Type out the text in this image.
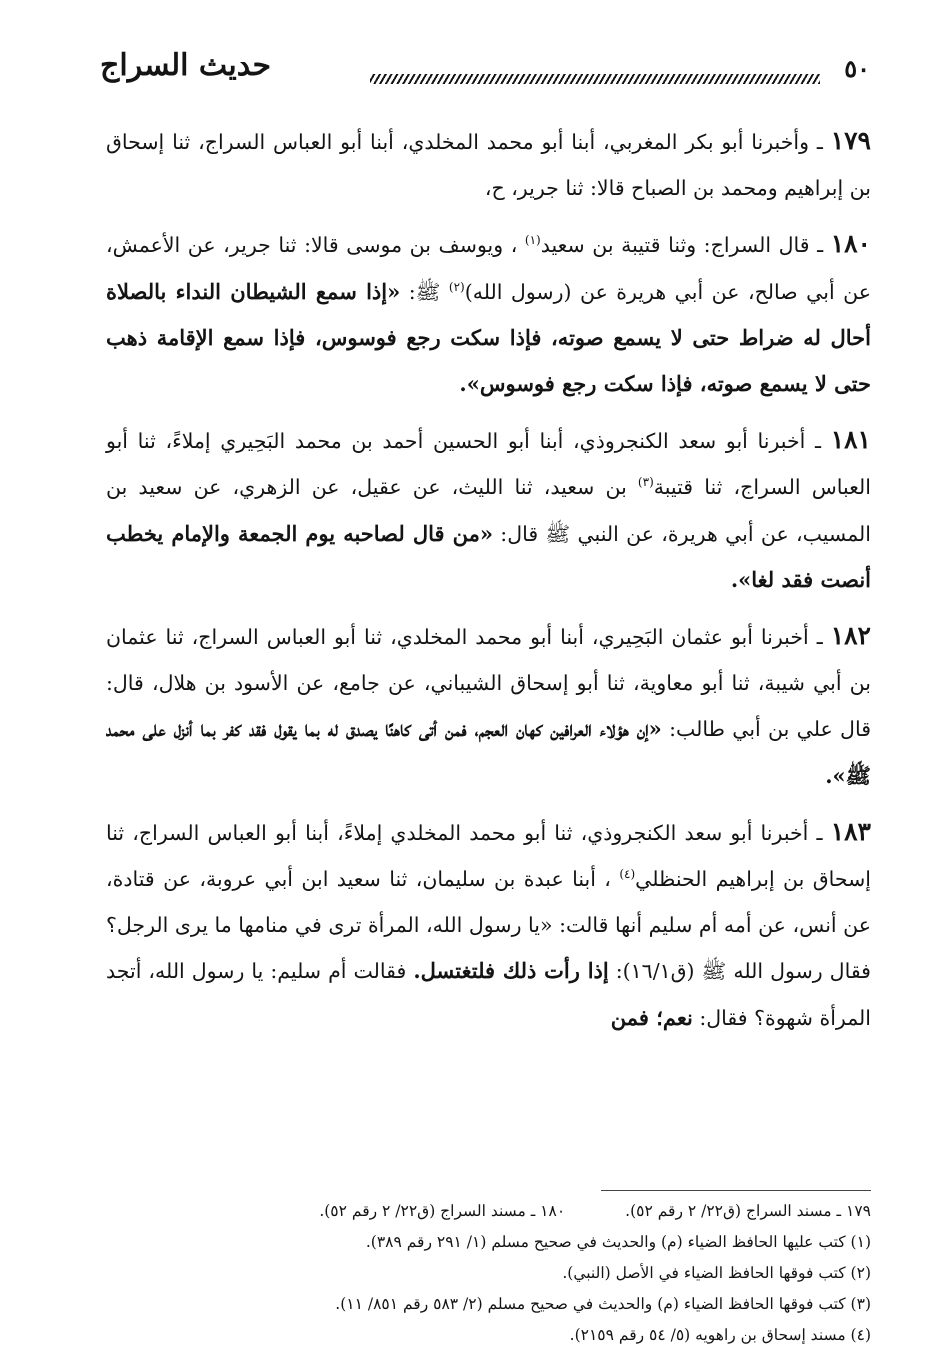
حديث السراج	٥٠

١٧٩ ـ وأخبرنا أبو بكر المغربي، أبنا أبو محمد المخلدي، أبنا أبو العباس السراج، ثنا إسحاق بن إبراهيم ومحمد بن الصباح قالا: ثنا جرير، ح،

١٨٠ ـ قال السراج: وثنا قتيبة بن سعيد$^{(١)}$ ، ويوسف بن موسى قالا: ثنا جرير، عن الأعمش، عن أبي صالح، عن أبي هريرة عن (رسول الله)$^{(٢)}$ ﷺ: «إذا سمع الشيطان النداء بالصلاة أحال له ضراط حتى لا يسمع صوته، فإذا سكت رجع فوسوس، فإذا سمع الإقامة ذهب حتى لا يسمع صوته، فإذا سكت رجع فوسوس».

١٨١ ـ أخبرنا أبو سعد الكنجروذي، أبنا أبو الحسين أحمد بن محمد البَحِيري إملاءً، ثنا أبو العباس السراج، ثنا قتيبة$^{(٣)}$ بن سعيد، ثنا الليث، عن عقيل، عن الزهري، عن سعيد بن المسيب، عن أبي هريرة، عن النبي ﷺ قال: «من قال لصاحبه يوم الجمعة والإمام يخطب أنصت فقد لغا».

١٨٢ ـ أخبرنا أبو عثمان البَحِيري، أبنا أبو محمد المخلدي، ثنا أبو العباس السراج، ثنا عثمان بن أبي شيبة، ثنا أبو معاوية، ثنا أبو إسحاق الشيباني، عن جامع، عن الأسود بن هلال، قال: قال علي بن أبي طالب: «إن هؤلاء العرافين كهان العجم، فمن أتى كاهنًا يصدق له بما يقول فقد كفر بما أنزل على محمد ﷺ».

١٨٣ ـ أخبرنا أبو سعد الكنجروذي، ثنا أبو محمد المخلدي إملاءً، أبنا أبو العباس السراج، ثنا إسحاق بن إبراهيم الحنظلي$^{(٤)}$ ، أبنا عبدة بن سليمان، ثنا سعيد ابن أبي عروبة، عن قتادة، عن أنس، عن أمه أم سليم أنها قالت: «يا رسول الله، المرأة ترى في منامها ما يرى الرجل؟ فقال رسول الله ﷺ (ق١٦/١): إذا رأت ذلك فلتغتسل. فقالت أم سليم: يا رسول الله، أتجد المرأة شهوة؟ فقال: نعم؛ فمن

١٧٩ ـ مسند السراج (ق٢٢/ ٢ رقم ٥٢).١٨٠ ـ مسند السراج (ق٢٢/ ٢ رقم ٥٢).
(١) كتب عليها الحافظ الضياء (م) والحديث في صحيح مسلم (١/ ٢٩١ رقم ٣٨٩).
(٢) كتب فوقها الحافظ الضياء في الأصل (النبي).
(٣) كتب فوقها الحافظ الضياء (م) والحديث في صحيح مسلم (٢/ ٥٨٣ رقم ٨٥١/ ١١).
(٤) مسند إسحاق بن راهويه (٥/ ٥٤ رقم ٢١٥٩).
